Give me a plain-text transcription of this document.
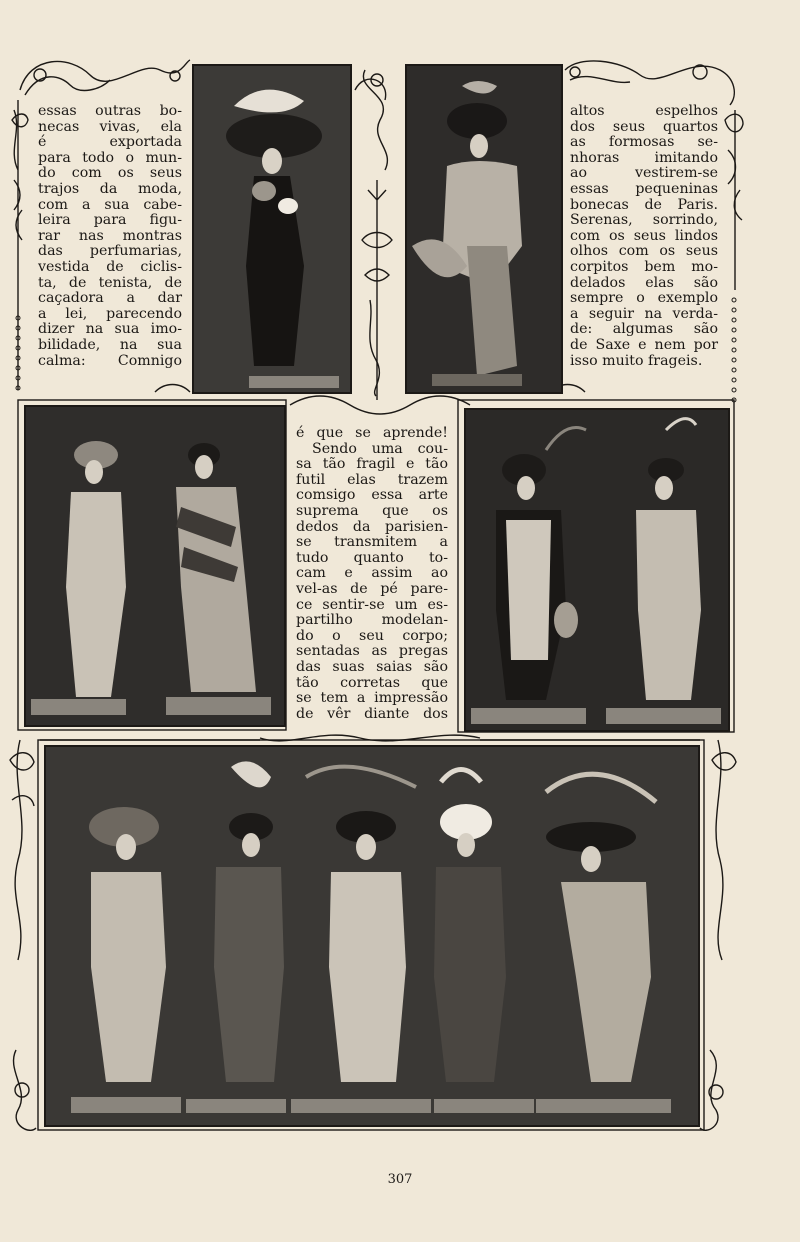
essas outras bo-
necas vivas, ela
é exportada
para todo o mun-
do com os seus
trajos da moda,
com a sua cabe-
leira para figu-
rar nas montras
das perfumarias,
vestida de ciclis-
ta, de tenista, de
caçadora a dar
a lei, parecendo
dizer na sua imo-
bilidade, na sua
calma: Comnigo
altos espelhos
dos seus quartos
as formosas se-
nhoras imitando
ao vestirem-se
essas pequeninas
bonecas de Paris.
Serenas, sorrindo,
com os seus lindos
olhos com os seus
corpitos bem mo-
delados elas são
sempre o exemplo
a seguir na verda-
de: algumas são
de Saxe e nem por
isso muito frageis.
é que se aprende!
Sendo uma cou-
sa tão fragil e tão
futil elas trazem
comsigo essa arte
suprema que os
dedos da parisien-
se transmitem a
tudo quanto to-
cam e assim ao
vel-as de pé pare-
ce sentir-se um es-
partilho modelan-
do o seu corpo;
sentadas as pregas
das suas saias são
tão corretas que
se tem a impressão
de vêr diante dos
307
